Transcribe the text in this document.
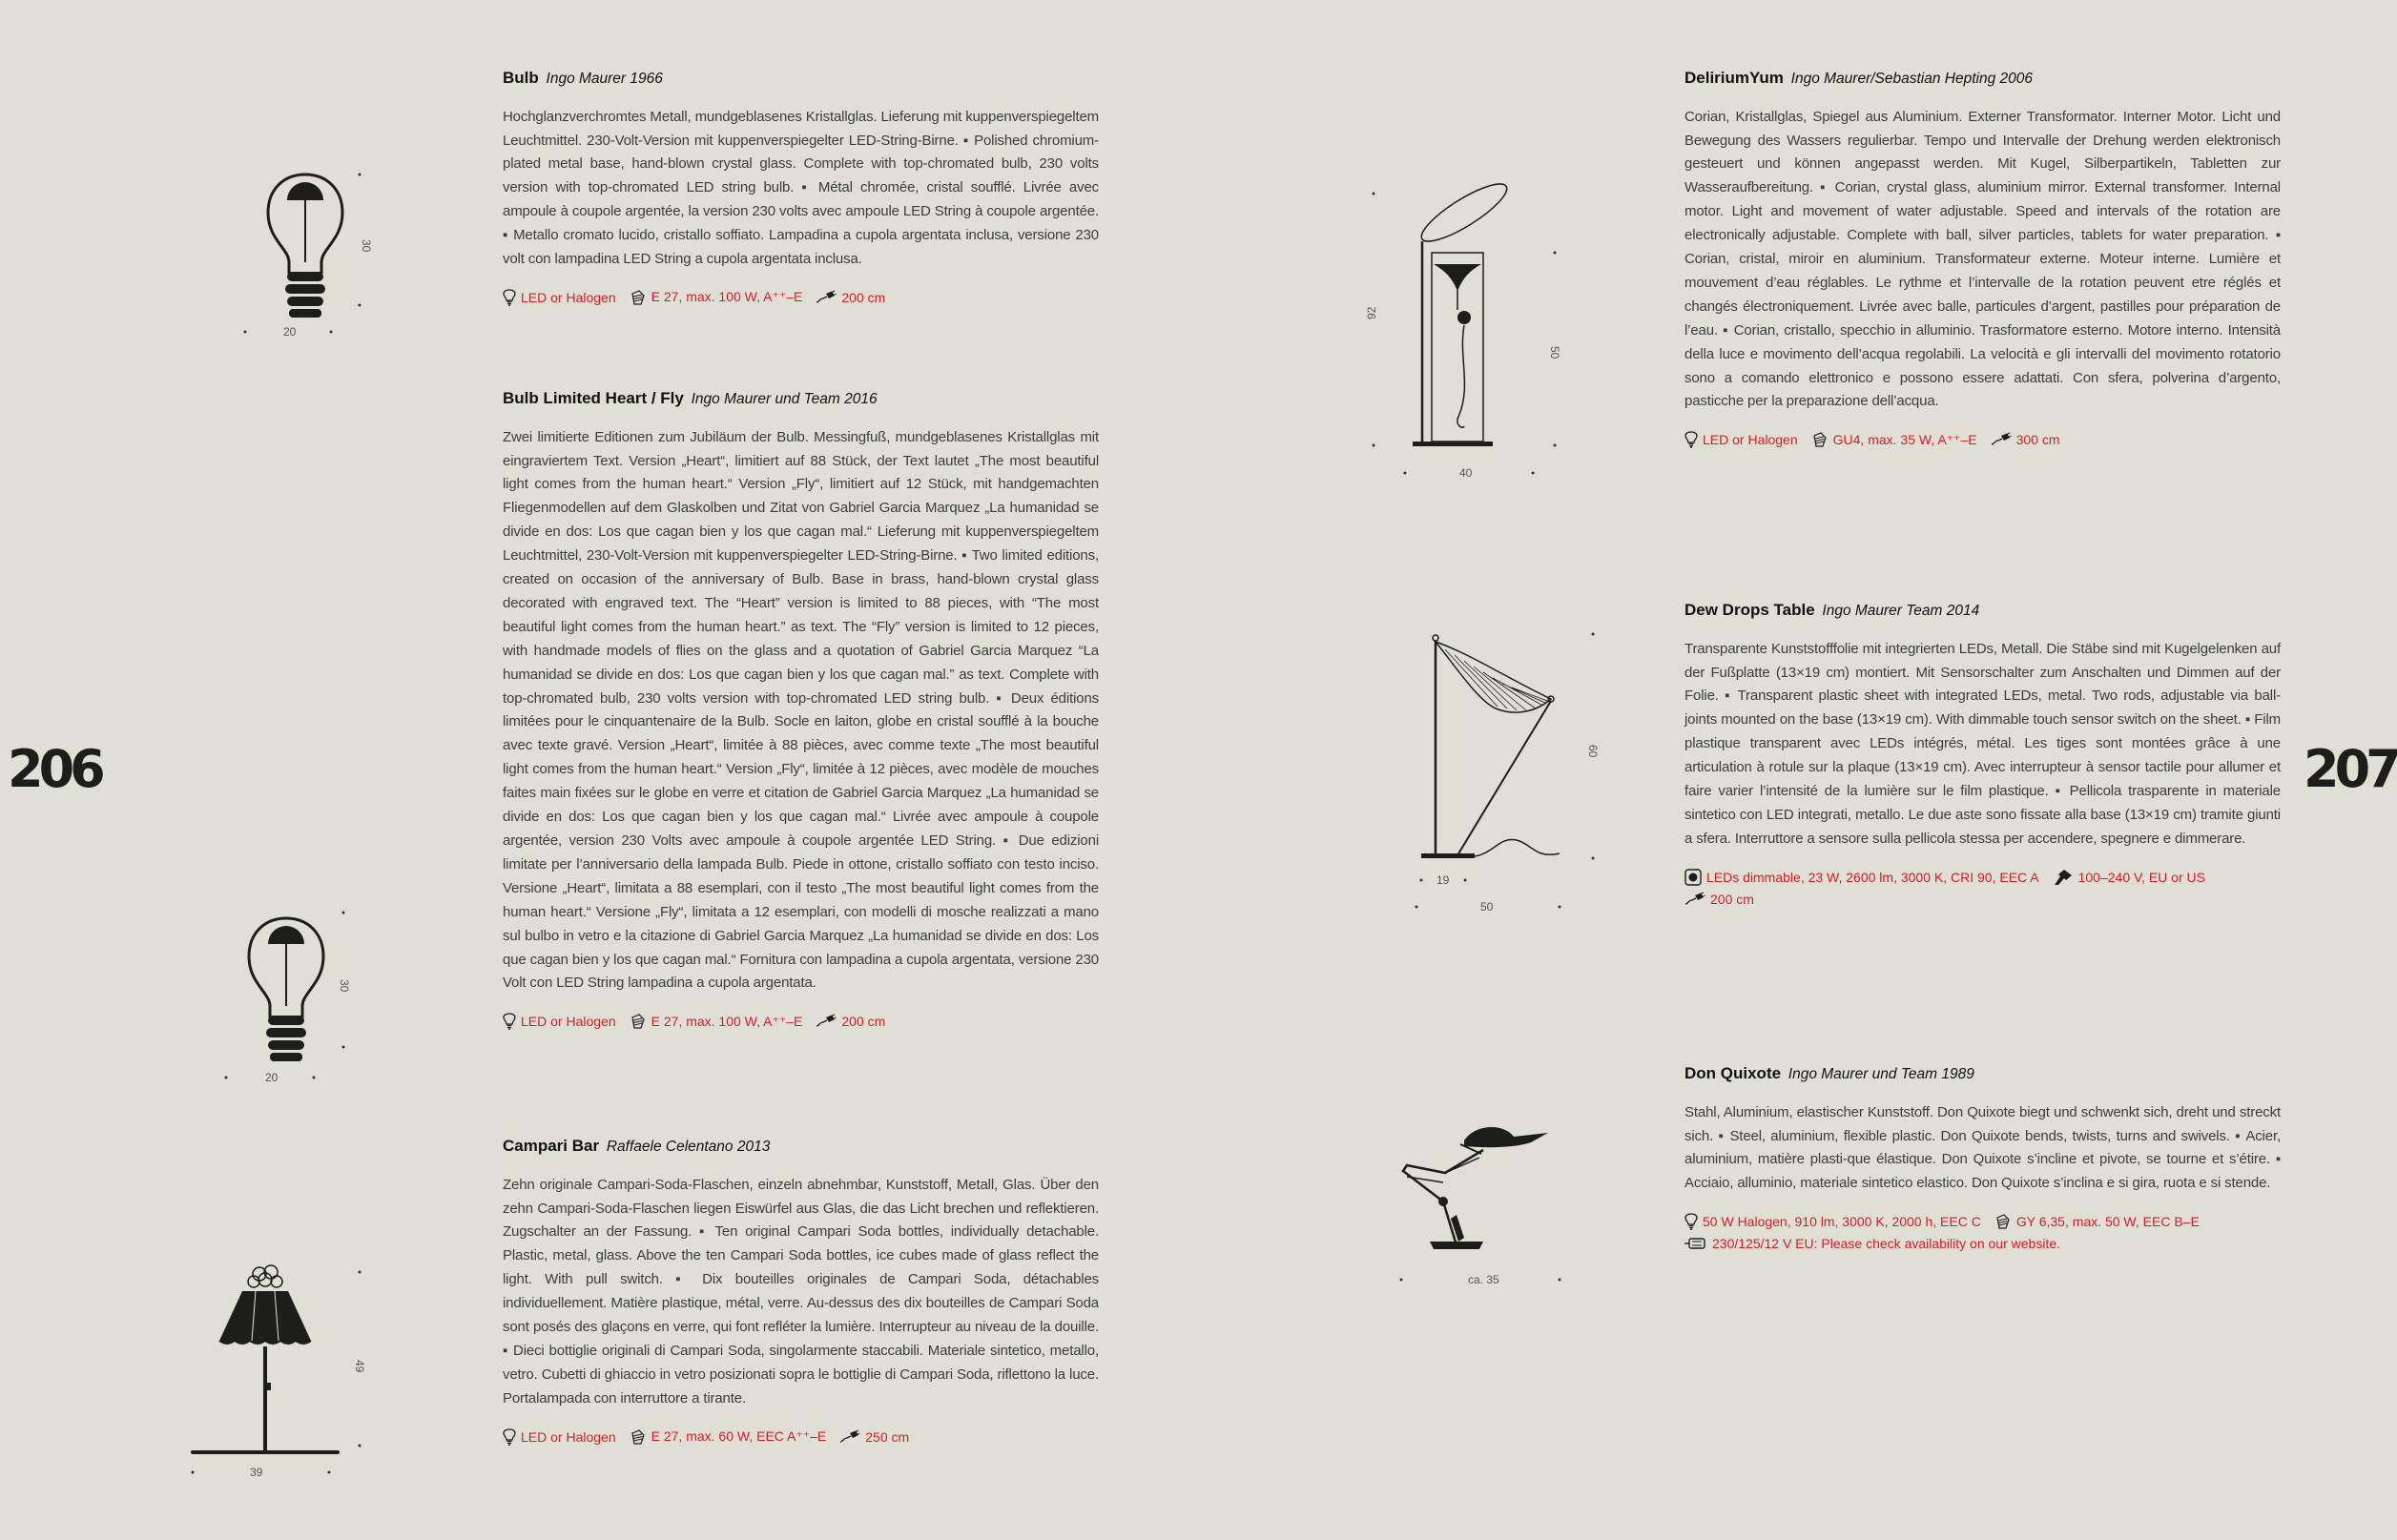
206	207
30
20
30
20
49
39
92
50
40
60
19
50
ca. 35
Bulb Ingo Maurer 1966

Hochglanzverchromtes Metall, mundgeblasenes Kristallglas. Lieferung mit kuppenverspiegeltem Leuchtmittel. 230-Volt-Version mit kuppenverspiegelter LED-String-Birne. ▪ Polished chromium-plated metal base, hand-blown crystal glass. Complete with top-chromated bulb, 230 volts version with top-chromated LED string bulb. ▪ Métal chromée, cristal soufflé. Livrée avec ampoule à coupole argentée, la version 230 volts avec ampoule LED String à coupole argentée. ▪ Metallo cromato lucido, cristallo soffiato. Lampadina a cupola argentata inclusa, versione 230 volt con lampadina LED String a cupola argentata inclusa.

LED or Halogen	E 27, max. 100 W, A⁺⁺–E	200 cm
Bulb Limited Heart / Fly Ingo Maurer und Team 2016

Zwei limitierte Editionen zum Jubiläum der Bulb. Messingfuß, mundgeblasenes Kristallglas mit eingraviertem Text. Version „Heart“, limitiert auf 88 Stück, der Text lautet „The most beautiful light comes from the human heart.“ Version „Fly“, limitiert auf 12 Stück, mit handgemachten Fliegenmodellen auf dem Glaskolben und Zitat von Gabriel Garcia Marquez „La humanidad se divide en dos: Los que cagan bien y los que cagan mal.“ Lieferung mit kuppenverspiegeltem Leuchtmittel, 230-Volt-Version mit kuppenverspiegelter LED-String-Birne. ▪ Two limited editions, created on occasion of the anniversary of Bulb. Base in brass, hand-blown crystal glass decorated with engraved text. The “Heart” version is limited to 88 pieces, with “The most beautiful light comes from the human heart.” as text. The “Fly” version is limited to 12 pieces, with handmade models of flies on the glass and a quotation of Gabriel Garcia Marquez “La humanidad se divide en dos: Los que cagan bien y los que cagan mal.” as text. Complete with top-chromated bulb, 230 volts version with top-chromated LED string bulb. ▪ Deux éditions limitées pour le cinquantenaire de la Bulb. Socle en laiton, globe en cristal soufflé à la bouche avec texte gravé. Version „Heart“, limitée à 88 pièces, avec comme texte „The most beautiful light comes from the human heart.“ Version „Fly“, limitée à 12 pièces, avec modèle de mouches faites main fixées sur le globe en verre et citation de Gabriel Garcia Marquez „La humanidad se divide en dos: Los que cagan bien y los que cagan mal.“ Livrée avec ampoule à coupole argentée, version 230 Volts avec ampoule à coupole argentée LED String. ▪ Due edizioni limitate per l’anniversario della lampada Bulb. Piede in ottone, cristallo soffiato con testo inciso. Versione „Heart“, limitata a 88 esemplari, con il testo „The most beautiful light comes from the human heart.“ Versione „Fly“, limitata a 12 esemplari, con modelli di mosche realizzati a mano sul bulbo in vetro e la citazione di Gabriel Garcia Marquez „La humanidad se divide en dos: Los que cagan bien y los que cagan mal.“ Fornitura con lampadina a cupola argentata, versione 230 Volt con LED String lampadina a cupola argentata.

LED or Halogen	E 27, max. 100 W, A⁺⁺–E	200 cm
Campari Bar Raffaele Celentano 2013

Zehn originale Campari-Soda-Flaschen, einzeln abnehmbar, Kunststoff, Metall, Glas. Über den zehn Campari-Soda-Flaschen liegen Eiswürfel aus Glas, die das Licht brechen und reflektieren. Zugschalter an der Fassung. ▪ Ten original Campari Soda bottles, individually detachable. Plastic, metal, glass. Above the ten Campari Soda bottles, ice cubes made of glass reflect the light. With pull switch. ▪ Dix bouteilles originales de Campari Soda, détachables individuellement. Matière plastique, métal, verre. Au-dessus des dix bouteilles de Campari Soda sont posés des glaçons en verre, qui font refléter la lumière. Interrupteur au niveau de la douille. ▪ Dieci bottiglie originali di Campari Soda, singolarmente staccabili. Materiale sintetico, metallo, vetro. Cubetti di ghiaccio in vetro posizionati sopra le bottiglie di Campari Soda, riflettono la luce. Portalampada con interruttore a tirante.

LED or Halogen	E 27, max. 60 W, EEC A⁺⁺–E	250 cm
DeliriumYum Ingo Maurer/Sebastian Hepting 2006

Corian, Kristallglas, Spiegel aus Aluminium. Externer Transformator. Interner Motor. Licht und Bewegung des Wassers regulierbar. Tempo und Intervalle der Drehung werden elektronisch gesteuert und können angepasst werden. Mit Kugel, Silberpartikeln, Tabletten zur Wasseraufbereitung. ▪ Corian, crystal glass, aluminium mirror. External transformer. Internal motor. Light and movement of water adjustable. Speed and intervals of the rotation are electronically adjustable. Complete with ball, silver particles, tablets for water preparation. ▪ Corian, cristal, miroir en aluminium. Transformateur externe. Moteur interne. Lumière et mouvement d’eau réglables. Le rythme et l’intervalle de la rotation peuvent etre réglés et changés électroniquement. Livrée avec balle, particules d’argent, pastilles pour préparation de l’eau. ▪ Corian, cristallo, specchio in alluminio. Trasformatore esterno. Motore interno. Intensità della luce e movimento dell’acqua regolabili. La velocità e gli intervalli del movimento rotatorio sono a comando elettronico e possono essere adattati. Con sfera, polverina d’argento, pasticche per la preparazione dell’acqua.

LED or Halogen	GU4, max. 35 W, A⁺⁺–E	300 cm
Dew Drops Table Ingo Maurer Team 2014

Transparente Kunststofffolie mit integrierten LEDs, Metall. Die Stäbe sind mit Kugelgelenken auf der Fußplatte (13×19 cm) montiert. Mit Sensorschalter zum Anschalten und Dimmen auf der Folie. ▪ Transparent plastic sheet with integrated LEDs, metal. Two rods, adjustable via ball-joints mounted on the base (13×19 cm). With dimmable touch sensor switch on the sheet. ▪ Film plastique transparent avec LEDs intégrés, métal. Les tiges sont montées grâce à une articulation à rotule sur la plaque (13×19 cm). Avec interrupteur à sensor tactile pour allumer et faire varier l’intensité de la lumière sur le film plastique. ▪ Pellicola trasparente in materiale sintetico con LED integrati, metallo. Le due aste sono fissate alla base (13×19 cm) tramite giunti a sfera. Interruttore a sensore sulla pellicola stessa per accendere, spegnere e dimmerare.

LEDs dimmable, 23 W, 2600 lm, 3000 K, CRI 90, EEC A	100–240 V, EU or US
200 cm
Don Quixote Ingo Maurer und Team 1989

Stahl, Aluminium, elastischer Kunststoff. Don Quixote biegt und schwenkt sich, dreht und streckt sich. ▪ Steel, aluminium, flexible plastic. Don Quixote bends, twists, turns and swivels. ▪ Acier, aluminium, matière plasti-que élastique. Don Quixote s’incline et pivote, se tourne et s’étire. ▪ Acciaio, alluminio, materiale sintetico elastico. Don Quixote s’inclina e si gira, ruota e si stende.

50 W Halogen, 910 lm, 3000 K, 2000 h, EEC C	GY 6,35, max. 50 W, EEC B–E
230/125/12 V EU: Please check availability on our website.
